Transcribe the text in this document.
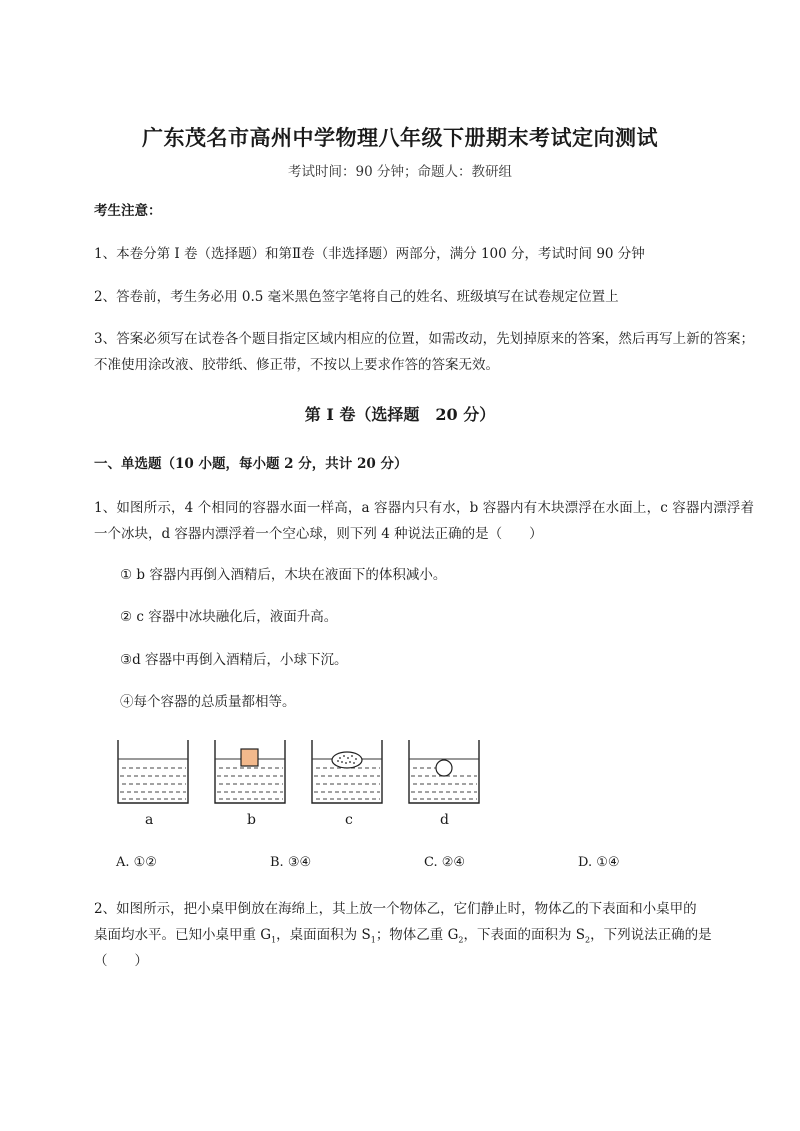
广东茂名市高州中学物理八年级下册期末考试定向测试
考试时间：90 分钟；命题人：教研组
考生注意：
1、本卷分第 I 卷（选择题）和第Ⅱ卷（非选择题）两部分，满分 100 分，考试时间 90 分钟
2、答卷前，考生务必用 0.5 毫米黑色签字笔将自己的姓名、班级填写在试卷规定位置上
3、答案必须写在试卷各个题目指定区域内相应的位置，如需改动，先划掉原来的答案，然后再写上新的答案；不准使用涂改液、胶带纸、修正带，不按以上要求作答的答案无效。
第 I 卷（选择题　20 分）
一、单选题（10 小题，每小题 2 分，共计 20 分）
1、如图所示，4 个相同的容器水面一样高，a 容器内只有水，b 容器内有木块漂浮在水面上，c 容器内漂浮着一个冰块，d 容器内漂浮着一个空心球，则下列 4 种说法正确的是（　　）
① b 容器内再倒入酒精后，木块在液面下的体积减小。
② c 容器中冰块融化后，液面升高。
③d 容器中再倒入酒精后，小球下沉。
④每个容器的总质量都相等。
a	b	c	d
A. ①②	B. ③④	C. ②④	D. ①④
2、如图所示，把小桌甲倒放在海绵上，其上放一个物体乙，它们静止时，物体乙的下表面和小桌甲的
桌面均水平。已知小桌甲重 $G_1$，桌面面积为 $S_1$；物体乙重 $G_2$，下表面的面积为 $S_2$，下列说法正确的是
（　　）
